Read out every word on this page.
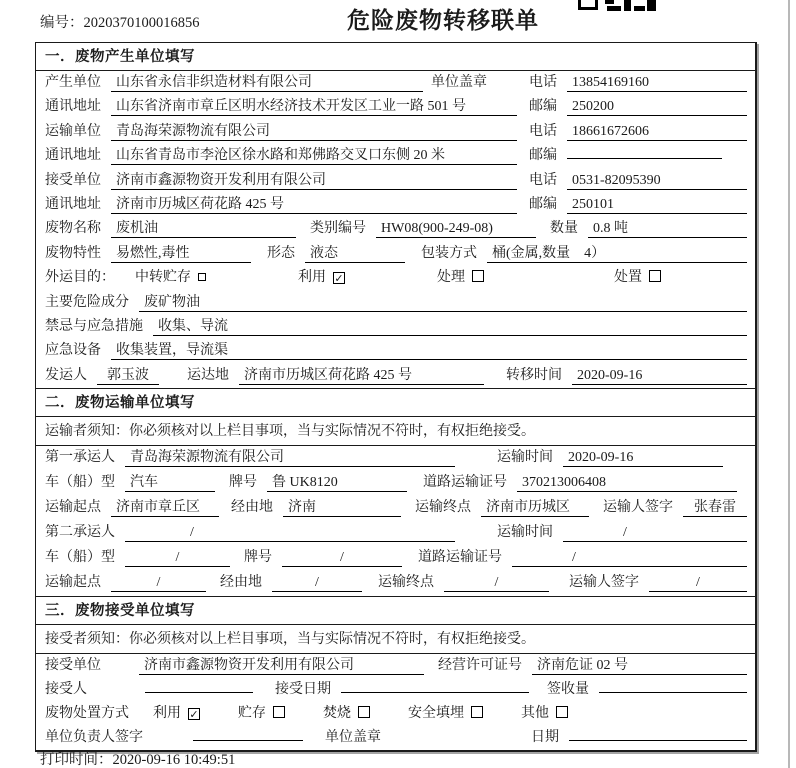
编号：2020370100016856	危险废物转移联单
一．废物产生单位填写
产生单位	山东省永信非织造材料有限公司	单位盖章	电话	13854169160
通讯地址	山东省济南市章丘区明水经济技术开发区工业一路 501 号	邮编	250200
运输单位	青岛海荣源物流有限公司	电话	18661672606
通讯地址	山东省青岛市李沧区徐水路和郑佛路交叉口东侧 20 米	邮编
接受单位	济南市鑫源物资开发利用有限公司	电话	0531-82095390
通讯地址	济南市历城区荷花路 425 号	邮编	250101
废物名称	废机油	类别编号	HW08(900-249-08)	数量	0.8 吨
废物特性	易燃性,毒性	形态	液态	包装方式	桶(金属,数量　4）
外运目的： 中转贮存	利用 ✓	处理	处置
主要危险成分	废矿物油
禁忌与应急措施	收集、导流
应急设备	收集装置，导流渠
发运人	郭玉波	运达地	济南市历城区荷花路 425 号	转移时间	2020-09-16
二．废物运输单位填写
运输者须知：你必须核对以上栏目事项，当与实际情况不符时，有权拒绝接受。
第一承运人	青岛海荣源物流有限公司	运输时间	2020-09-16
车（船）型	汽车	牌号	鲁 UK8120	道路运输证号	370213006408
运输起点	济南市章丘区	经由地	济南	运输终点	济南市历城区	运输人签字	张春雷
第二承运人	/	运输时间	/
车（船）型	/	牌号	/	道路运输证号	/
运输起点	/	经由地	/	运输终点	/	运输人签字	/
三．废物接受单位填写
接受者须知：你必须核对以上栏目事项，当与实际情况不符时，有权拒绝接受。
接受单位	济南市鑫源物资开发利用有限公司	经营许可证号	济南危证 02 号
接受人	接受日期	签收量
废物处置方式 利用 ✓	贮存	焚烧	安全填埋	其他
单位负责人签字	单位盖章	日期
打印时间：2020-09-16 10:49:51
